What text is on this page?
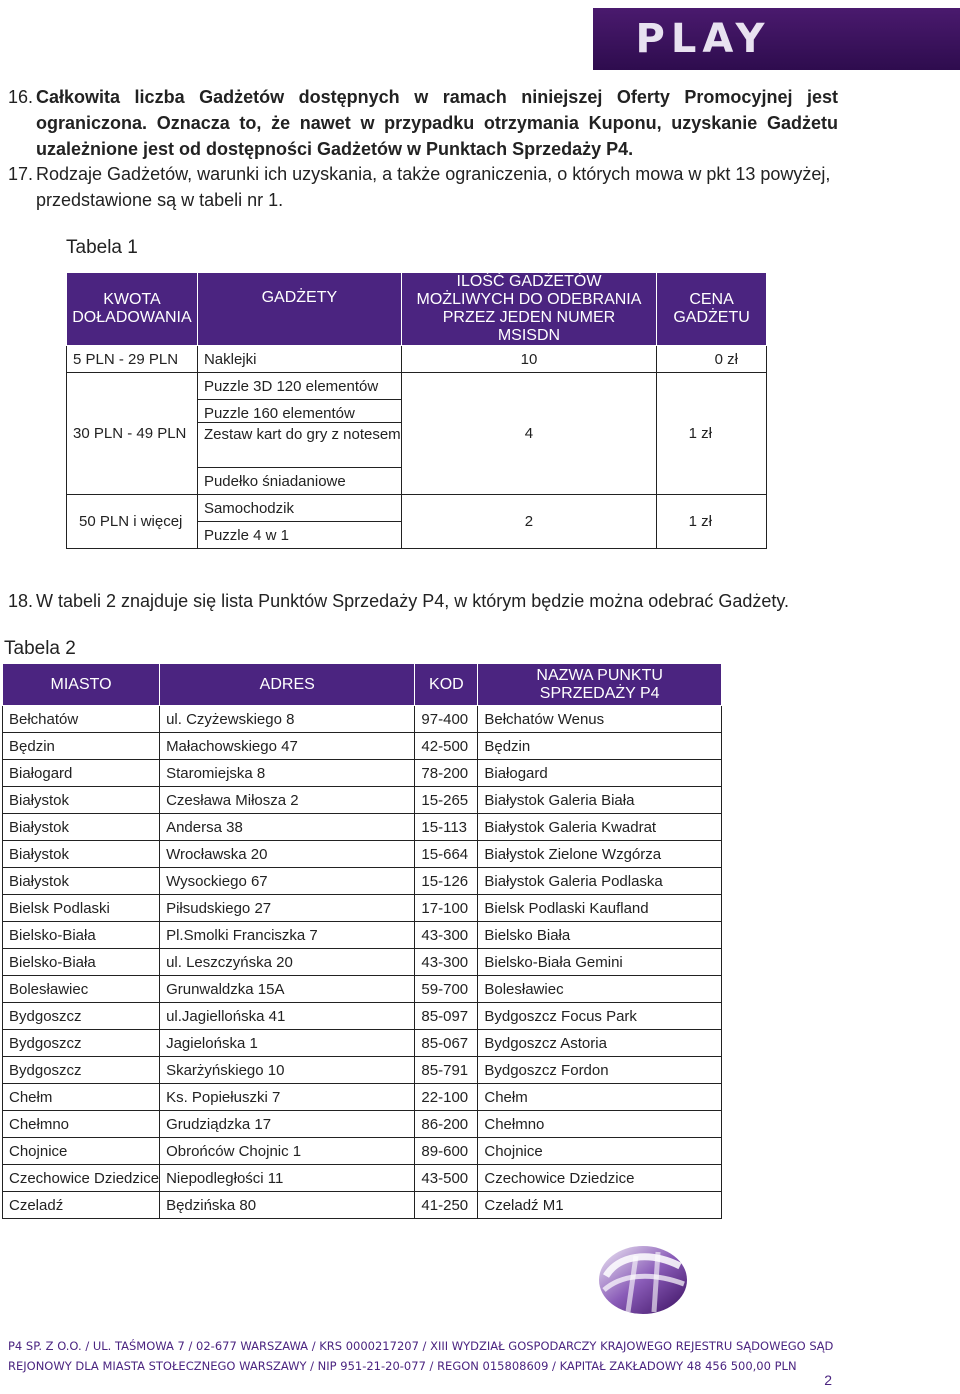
PLAY
16. Całkowita liczba Gadżetów dostępnych w ramach niniejszej Oferty Promocyjnej jest ograniczona. Oznacza to, że nawet w przypadku otrzymania Kuponu, uzyskanie Gadżetu uzależnione jest od dostępności Gadżetów w Punktach Sprzedaży P4.
17. Rodzaje Gadżetów, warunki ich uzyskania, a także ograniczenia, o których mowa w pkt 13 powyżej, przedstawione są w tabeli nr 1.
Tabela 1
KWOTA DOŁADOWANIA	GADŻETY	ILOŚĆ GADŻETÓW MOŻLIWYCH DO ODEBRANIA PRZEZ JEDEN NUMER MSISDN	CENA GADŻETU
5 PLN - 29 PLN	Naklejki	10	0 zł
30 PLN - 49 PLN	Puzzle 3D 120 elementów	4	1 zł
	Puzzle 160 elementów		
	Zestaw kart do gry z notesem		
	Pudełko śniadaniowe		
50 PLN i więcej	Samochodzik	2	1 zł
	Puzzle 4 w 1		
18. W tabeli 2 znajduje się lista Punktów Sprzedaży P4, w którym będzie można odebrać Gadżety.
Tabela 2
MIASTO	ADRES	KOD	NAZWA PUNKTU SPRZEDAŻY P4
Bełchatów	ul. Czyżewskiego 8	97-400	Bełchatów Wenus
Będzin	Małachowskiego 47	42-500	Będzin
Białogard	Staromiejska 8	78-200	Białogard
Białystok	Czesława Miłosza 2	15-265	Białystok Galeria Biała
Białystok	Andersa 38	15-113	Białystok Galeria Kwadrat
Białystok	Wrocławska 20	15-664	Białystok Zielone Wzgórza
Białystok	Wysockiego 67	15-126	Białystok Galeria Podlaska
Bielsk Podlaski	Piłsudskiego 27	17-100	Bielsk Podlaski Kaufland
Bielsko-Biała	Pl.Smolki Franciszka 7	43-300	Bielsko Biała
Bielsko-Biała	ul. Leszczyńska 20	43-300	Bielsko-Biała Gemini
Bolesławiec	Grunwaldzka 15A	59-700	Bolesławiec
Bydgoszcz	ul.Jagiellońska 41	85-097	Bydgoszcz Focus Park
Bydgoszcz	Jagielońska 1	85-067	Bydgoszcz Astoria
Bydgoszcz	Skarżyńskiego 10	85-791	Bydgoszcz Fordon
Chełm	Ks. Popiełuszki 7	22-100	Chełm
Chełmno	Grudziądzka 17	86-200	Chełmno
Chojnice	Obrońców Chojnic 1	89-600	Chojnice
Czechowice Dziedzice	Niepodległości 11	43-500	Czechowice Dziedzice
Czeladź	Będzińska 80	41-250	Czeladź M1
P4 SP. Z O.O. / UL. TAŚMOWA 7 / 02-677 WARSZAWA / KRS 0000217207 / XIII WYDZIAŁ GOSPODARCZY KRAJOWEGO REJESTRU SĄDOWEGO SĄD
REJONOWY DLA MIASTA STOŁECZNEGO WARSZAWY / NIP 951-21-20-077 / REGON 015808609 / KAPITAŁ ZAKŁADOWY 48 456 500,00 PLN
2
